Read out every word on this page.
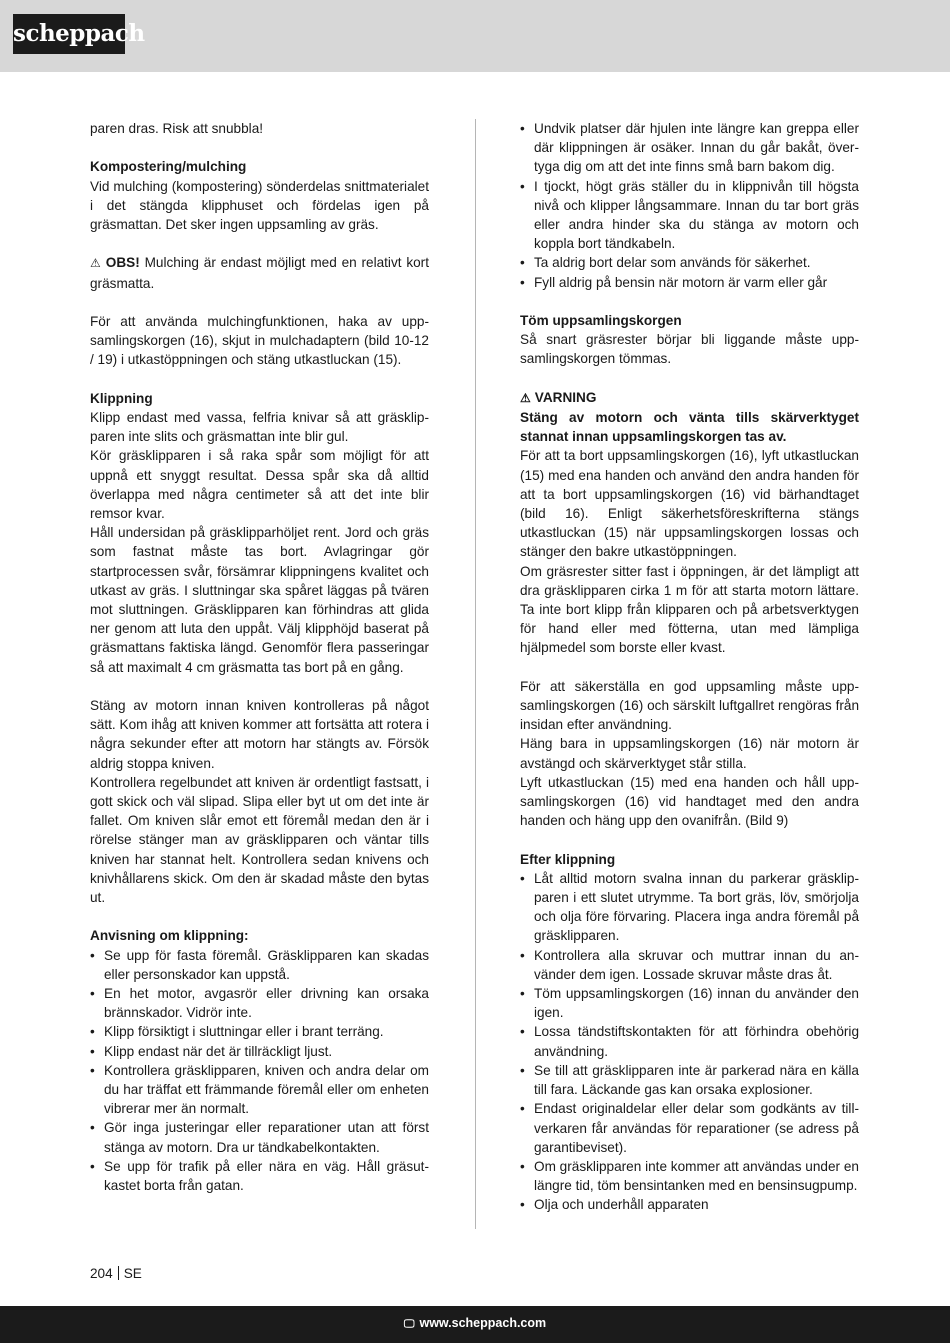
scheppach

paren dras. Risk att snubbla!

Kompostering/mulching

Vid mulching (kompostering) sönderdelas snittmaterialet i det stängda klipphuset och fördelas igen på gräsmattan. Det sker ingen uppsamling av gräs.

⚠ OBS! Mulching är endast möjligt med en relativt kort gräsmatta.

För att använda mulchingfunktionen, haka av uppsamlingskorgen (16), skjut in mulchadaptern (bild 10-12 / 19) i utkastöppningen och stäng utkastluckan (15).

Klippning

Klipp endast med vassa, felfria knivar så att gräsklipparen inte slits och gräsmattan inte blir gul.

Kör gräsklipparen i så raka spår som möjligt för att uppnå ett snyggt resultat. Dessa spår ska då alltid överlappa med några centimeter så att det inte blir remsor kvar.

Håll undersidan på gräsklipparhöljet rent. Jord och gräs som fastnat måste tas bort. Avlagringar gör startprocessen svår, försämrar klippningens kvalitet och utkast av gräs. I sluttningar ska spåret läggas på tvären mot sluttningen. Gräsklipparen kan förhindras att glida ner genom att luta den uppåt. Välj klipphöjd baserat på gräsmattans faktiska längd. Genomför flera passeringar så att maximalt 4 cm gräsmatta tas bort på en gång.

Stäng av motorn innan kniven kontrolleras på något sätt. Kom ihåg att kniven kommer att fortsätta att rotera i några sekunder efter att motorn har stängts av. Försök aldrig stoppa kniven.

Kontrollera regelbundet att kniven är ordentligt fastsatt, i gott skick och väl slipad. Slipa eller byt ut om det inte är fallet. Om kniven slår emot ett föremål medan den är i rörelse stänger man av gräsklipparen och väntar tills kniven har stannat helt. Kontrollera sedan knivens och knivhållarens skick. Om den är skadad måste den bytas ut.

Anvisning om klippning:

• Se upp för fasta föremål. Gräsklipparen kan skadas eller personskador kan uppstå.
• En het motor, avgasrör eller drivning kan orsaka brännskador. Vidrör inte.
• Klipp försiktigt i sluttningar eller i brant terräng.
• Klipp endast när det är tillräckligt ljust.
• Kontrollera gräsklipparen, kniven och andra delar om du har träffat ett främmande föremål eller om enheten vibrerar mer än normalt.
• Gör inga justeringar eller reparationer utan att först stänga av motorn. Dra ur tändkabelkontakten.
• Se upp för trafik på eller nära en väg. Håll gräsutkastet borta från gatan.
• Undvik platser där hjulen inte längre kan greppa eller där klippningen är osäker. Innan du går bakåt, övertyga dig om att det inte finns små barn bakom dig.
• I tjockt, högt gräs ställer du in klippnivån till högsta nivå och klipper långsammare. Innan du tar bort gräs eller andra hinder ska du stänga av motorn och koppla bort tändkabeln.
• Ta aldrig bort delar som används för säkerhet.
• Fyll aldrig på bensin när motorn är varm eller går

Töm uppsamlingskorgen

Så snart gräsrester börjar bli liggande måste uppsamlingskorgen tömmas.

⚠ VARNING

Stäng av motorn och vänta tills skärverktyget stannat innan uppsamlingskorgen tas av.

För att ta bort uppsamlingskorgen (16), lyft utkastluckan (15) med ena handen och använd den andra handen för att ta bort uppsamlingskorgen (16) vid bärhandtaget (bild 16). Enligt säkerhetsföreskrifterna stängs utkastluckan (15) när uppsamlingskorgen lossas och stänger den bakre utkastöppningen.

Om gräsrester sitter fast i öppningen, är det lämpligt att dra gräsklipparen cirka 1 m för att starta motorn lättare. Ta inte bort klipp från klipparen och på arbetsverktygen för hand eller med fötterna, utan med lämpliga hjälpmedel som borste eller kvast.

För att säkerställa en god uppsamling måste uppsamlingskorgen (16) och särskilt luftgallret rengöras från insidan efter användning.

Häng bara in uppsamlingskorgen (16) när motorn är avstängd och skärverktyget står stilla.

Lyft utkastluckan (15) med ena handen och håll uppsamlingskorgen (16) vid handtaget med den andra handen och häng upp den ovanifrån. (Bild 9)

Efter klippning

• Låt alltid motorn svalna innan du parkerar gräsklipparen i ett slutet utrymme. Ta bort gräs, löv, smörjolja och olja före förvaring. Placera inga andra föremål på gräsklipparen.
• Kontrollera alla skruvar och muttrar innan du använder dem igen. Lossade skruvar måste dras åt.
• Töm uppsamlingskorgen (16) innan du använder den igen.
• Lossa tändstiftskontakten för att förhindra obehörig användning.
• Se till att gräsklipparen inte är parkerad nära en källa till fara. Läckande gas kan orsaka explosioner.
• Endast originaldelar eller delar som godkänts av tillverkaren får användas för reparationer (se adress på garantibeviset).
• Om gräsklipparen inte kommer att användas under en längre tid, töm bensintanken med en bensinsugpump.
• Olja och underhåll apparaten
204 SE
🖵 www.scheppach.com
